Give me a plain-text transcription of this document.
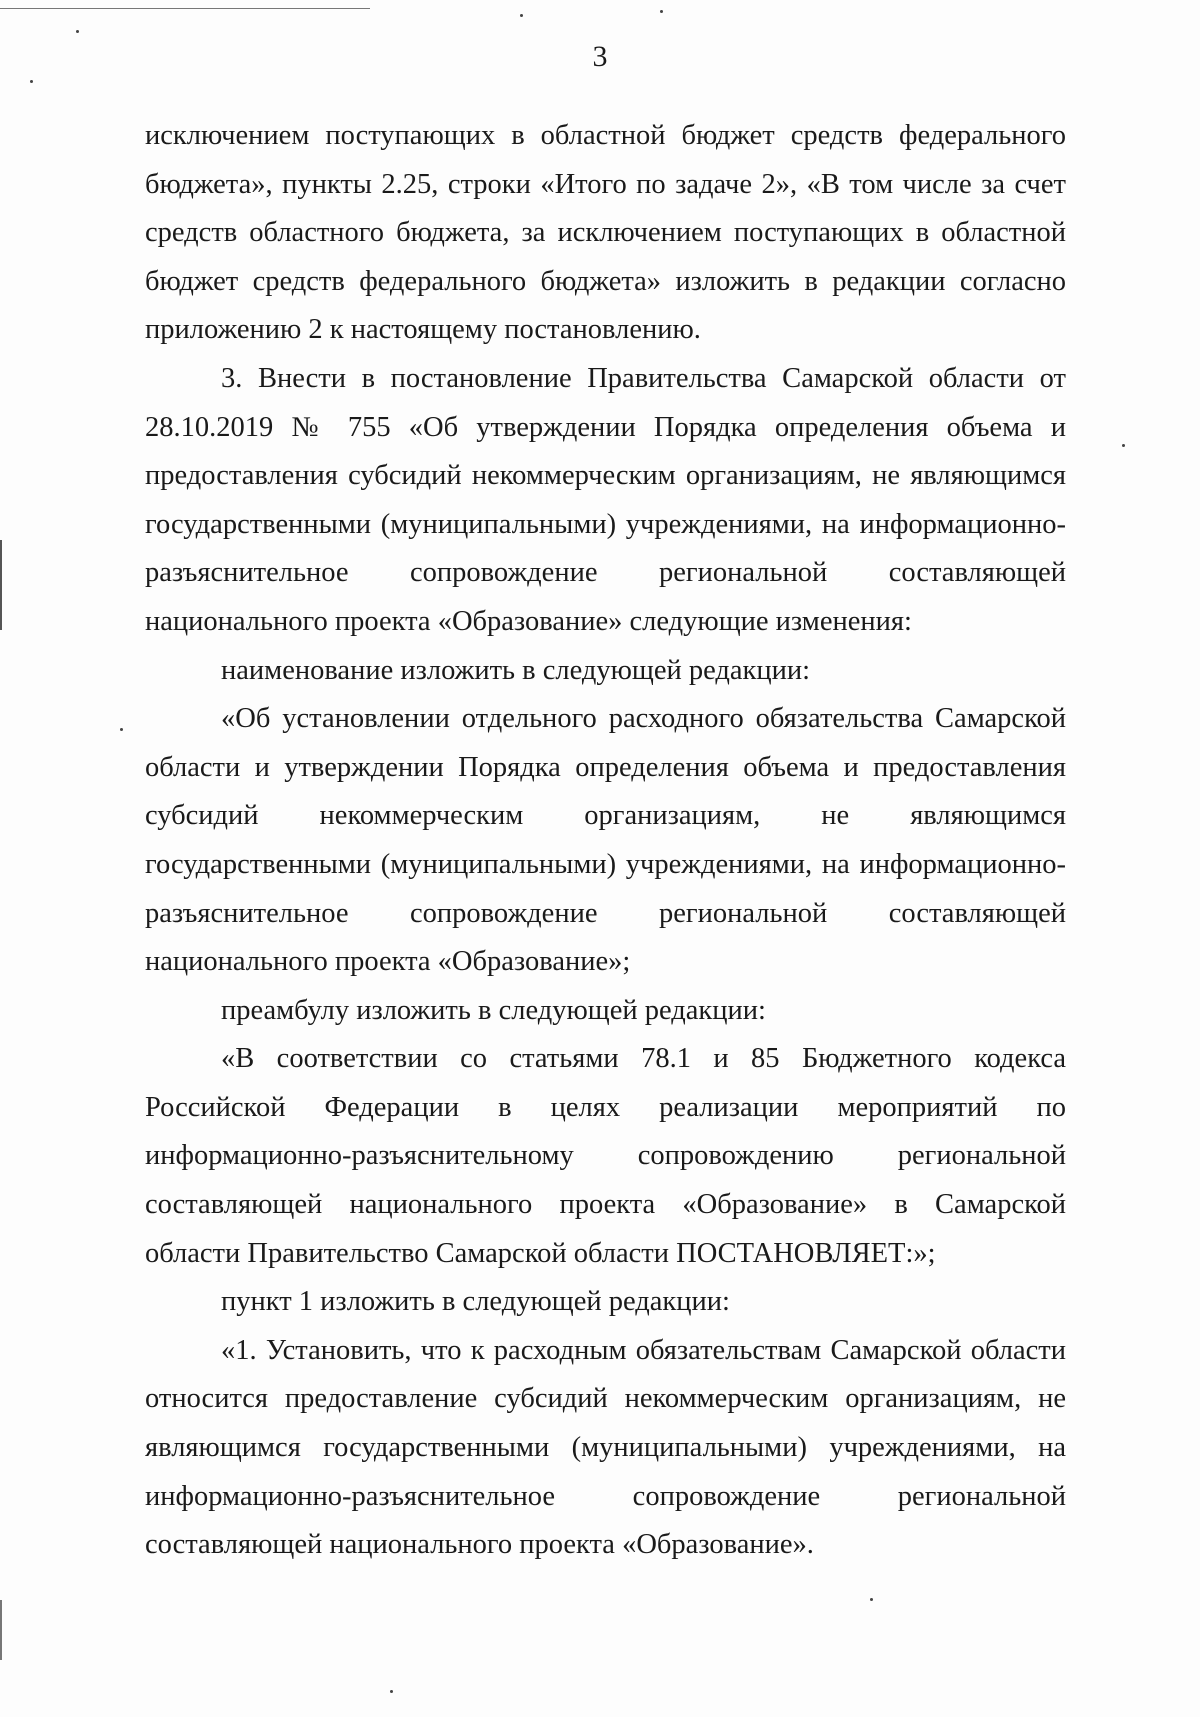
3

исключением поступающих в областной бюджет средств федерального бюджета», пункты 2.25, строки «Итого по задаче 2», «В том числе за счет средств областного бюджета, за исключением поступающих в областной бюджет средств федерального бюджета» изложить в редакции согласно приложению 2 к настоящему постановлению.

3. Внести в постановление Правительства Самарской области от 28.10.2019 № 755 «Об утверждении Порядка определения объема и предоставления субсидий некоммерческим организациям, не являющимся государственными (муниципальными) учреждениями, на информационно- разъяснительное сопровождение региональной составляющей национального проекта «Образование» следующие изменения:

наименование изложить в следующей редакции:

«Об установлении отдельного расходного обязательства Самарской области и утверждении Порядка определения объема и предоставления субсидий некоммерческим организациям, не являющимся государственными (муниципальными) учреждениями, на информационно- разъяснительное сопровождение региональной составляющей национального проекта «Образование»;

преамбулу изложить в следующей редакции:

«В соответствии со статьями 78.1 и 85 Бюджетного кодекса Российской Федерации в целях реализации мероприятий по информационно-разъяснительному сопровождению региональной составляющей национального проекта «Образование» в Самарской области Правительство Самарской области ПОСТАНОВЛЯЕТ:»;

пункт 1 изложить в следующей редакции:

«1. Установить, что к расходным обязательствам Самарской области относится предоставление субсидий некоммерческим организациям, не являющимся государственными (муниципальными) учреждениями, на информационно-разъяснительное сопровождение региональной составляющей национального проекта «Образование».
